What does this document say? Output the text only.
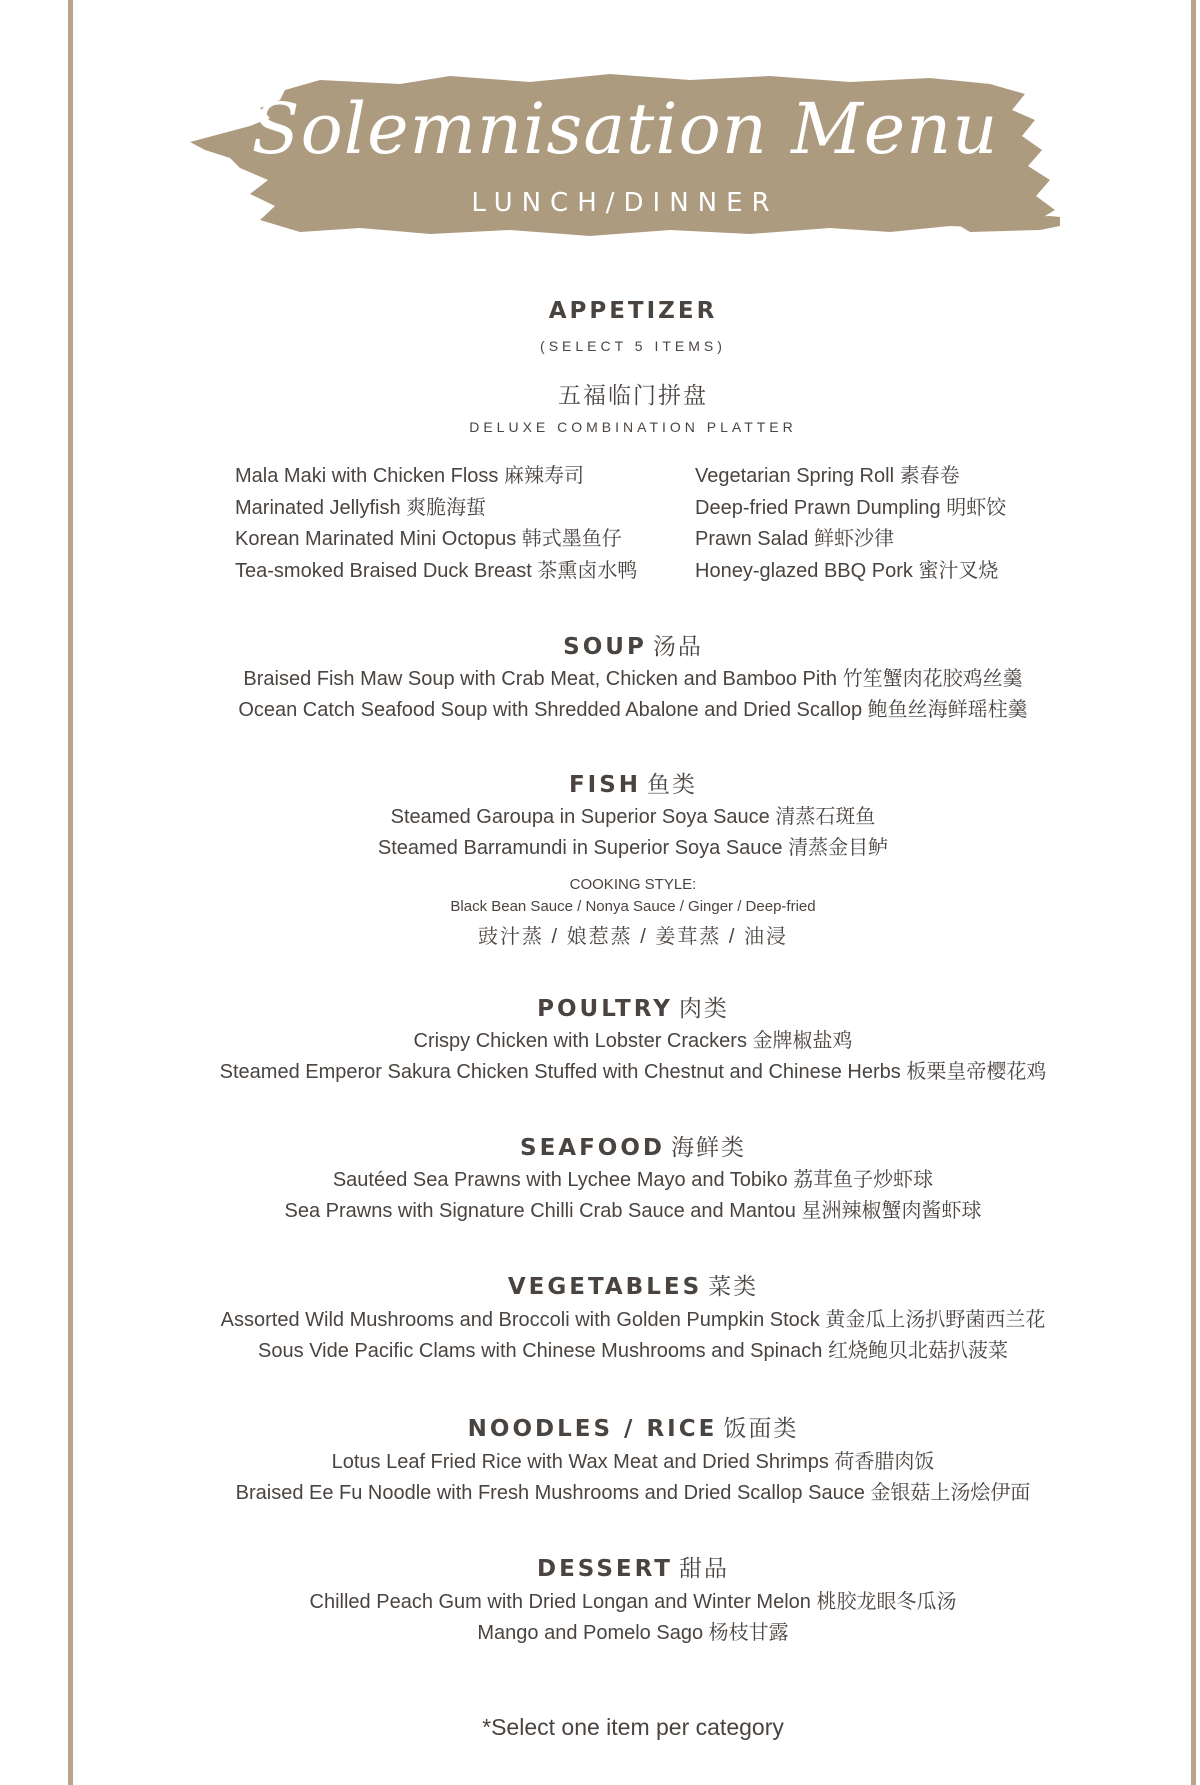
Solemnisation Menu
LUNCH/DINNER
APPETIZER
(SELECT 5 ITEMS)
五福临门拼盘
DELUXE COMBINATION PLATTER
Mala Maki with Chicken Floss 麻辣寿司
Marinated Jellyfish 爽脆海蜇
Korean Marinated Mini Octopus 韩式墨鱼仔
Tea-smoked Braised Duck Breast 茶熏卤水鸭
Vegetarian Spring Roll 素春卷
Deep-fried Prawn Dumpling 明虾饺
Prawn Salad 鲜虾沙律
Honey-glazed BBQ Pork 蜜汁叉烧
SOUP 汤品
Braised Fish Maw Soup with Crab Meat, Chicken and Bamboo Pith 竹笙蟹肉花胶鸡丝羹
Ocean Catch Seafood Soup with Shredded Abalone and Dried Scallop 鲍鱼丝海鲜瑶柱羹
FISH 鱼类
Steamed Garoupa in Superior Soya Sauce 清蒸石斑鱼
Steamed Barramundi in Superior Soya Sauce 清蒸金目鲈
COOKING STYLE:
Black Bean Sauce / Nonya Sauce / Ginger / Deep-fried
豉汁蒸 / 娘惹蒸 / 姜茸蒸 / 油浸
POULTRY 肉类
Crispy Chicken with Lobster Crackers 金牌椒盐鸡
Steamed Emperor Sakura Chicken Stuffed with Chestnut and Chinese Herbs 板栗皇帝樱花鸡
SEAFOOD 海鲜类
Sautéed Sea Prawns with Lychee Mayo and Tobiko 荔茸鱼子炒虾球
Sea Prawns with Signature Chilli Crab Sauce and Mantou 星洲辣椒蟹肉酱虾球
VEGETABLES 菜类
Assorted Wild Mushrooms and Broccoli with Golden Pumpkin Stock 黄金瓜上汤扒野菌西兰花
Sous Vide Pacific Clams with Chinese Mushrooms and Spinach 红烧鲍贝北菇扒菠菜
NOODLES / RICE 饭面类
Lotus Leaf Fried Rice with Wax Meat and Dried Shrimps 荷香腊肉饭
Braised Ee Fu Noodle with Fresh Mushrooms and Dried Scallop Sauce 金银菇上汤烩伊面
DESSERT 甜品
Chilled Peach Gum with Dried Longan and Winter Melon 桃胶龙眼冬瓜汤
Mango and Pomelo Sago 杨枝甘露
*Select one item per category
